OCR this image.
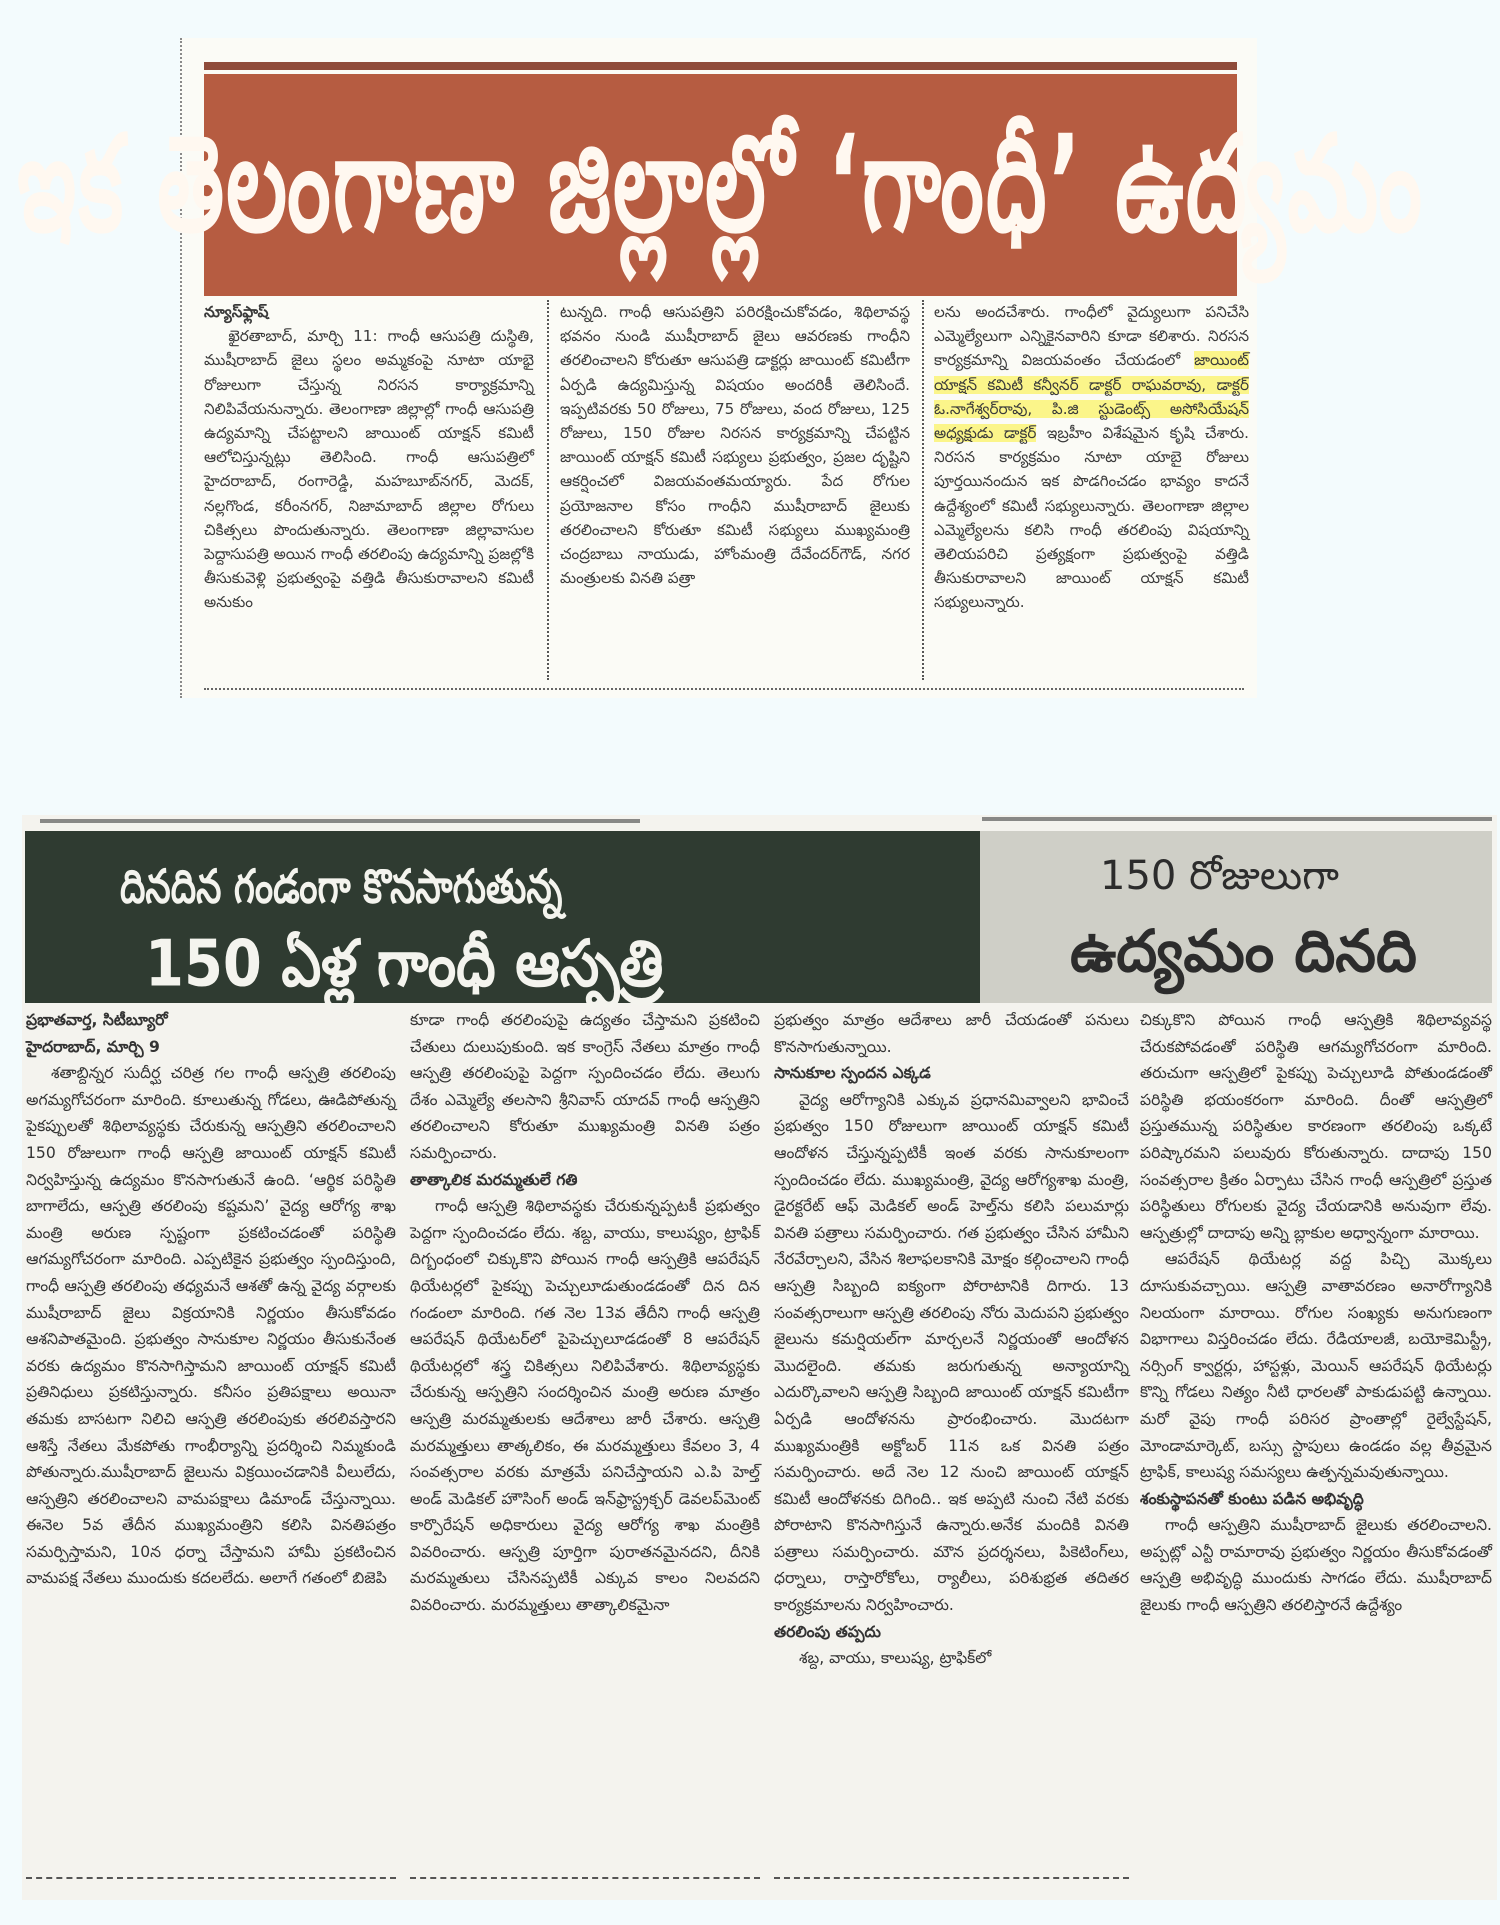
ఇక తెలంగాణా జిల్లాల్లో ‘గాంధీ’ ఉద్యమం

న్యూస్‌ఫ్లాష్

ఖైరతాబాద్, మార్చి 11: గాంధీ ఆసుపత్రి దుస్థితి, ముషీరాబాద్ జైలు స్థలం అమ్మకంపై నూటా యాభై రోజులుగా చేస్తున్న నిరసన కార్యాక్రమాన్ని నిలిపివేయనున్నారు. తెలంగాణా జిల్లాల్లో గాంధీ ఆసుపత్రి ఉద్యమాన్ని చేపట్టాలని జాయింట్ యాక్షన్ కమిటీ ఆలోచిస్తున్నట్లు తెలిసింది. గాంధీ ఆసుపత్రిలో హైదరాబాద్, రంగారెడ్డి, మహబూబ్‌నగర్, మెదక్, నల్లగొండ, కరీంనగర్, నిజామాబాద్ జిల్లాల రోగులు చికిత్సలు పొందుతున్నారు. తెలంగాణా జిల్లావాసుల పెద్దాసుపత్రి అయిన గాంధీ తరలింపు ఉద్యమాన్ని ప్రజల్లోకి తీసుకువెళ్లి ప్రభుత్వంపై వత్తిడి తీసుకురావాలని కమిటీ అనుకుం

టున్నది. గాంధీ ఆసుపత్రిని పరిరక్షించుకోవడం, శిథిలావస్థ భవనం నుండి ముషీరాబాద్ జైలు ఆవరణకు గాంధీని తరలించాలని కోరుతూ ఆసుపత్రి డాక్టర్లు జాయింట్ కమిటీగా ఏర్పడి ఉద్యమిస్తున్న విషయం అందరికీ తెలిసిందే. ఇప్పటివరకు 50 రోజులు, 75 రోజులు, వంద రోజులు, 125 రోజులు, 150 రోజుల నిరసన కార్యక్రమాన్ని చేపట్టిన జాయింట్ యాక్షన్ కమిటీ సభ్యులు ప్రభుత్వం, ప్రజల దృష్టిని ఆకర్షించలో విజయవంతమయ్యారు. పేద రోగుల ప్రయోజనాల కోసం గాంధీని ముషీరాబాద్ జైలుకు తరలించాలని కోరుతూ కమిటీ సభ్యులు ముఖ్యమంత్రి చంద్రబాబు నాయుడు, హోంమంత్రి దేవేందర్‌గౌడ్, నగర మంత్రులకు వినతి పత్రా

లను అందచేశారు. గాంధీలో వైద్యులుగా పనిచేసి ఎమ్మెల్యేలుగా ఎన్నికైనవారిని కూడా కలిశారు. నిరసన కార్యక్రమాన్ని విజయవంతం చేయడంలో జాయింట్ యాక్షన్ కమిటీ కన్వీనర్ డాక్టర్ రాఘవరావు, డాక్టర్ ఓ.నాగేశ్వర్‌రావు, పి.జి స్టుడెంట్స్ అసోసియేషన్ అధ్యక్షుడు డాక్టర్ ఇబ్రహీం విశేషమైన కృషి చేశారు. నిరసన కార్యక్రమం నూటా యాబై రోజులు పూర్తయినందున ఇక పొడగించడం భావ్యం కాదనే ఉద్దేశ్యంలో కమిటీ సభ్యులున్నారు. తెలంగాణా జిల్లాల ఎమ్మెల్యేలను కలిసి గాంధీ తరలింపు విషయాన్ని తెలియపరిచి ప్రత్యక్షంగా ప్రభుత్వంపై వత్తిడి తీసుకురావాలని జాయింట్ యాక్షన్ కమిటీ సభ్యులున్నారు.

దినదిన గండంగా కొనసాగుతున్న
150 ఏళ్ల గాంధీ ఆస్పత్రి
150 రోజులుగా
ఉద్యమం దినది

ప్రభాతవార్త, సిటీబ్యూరో

హైదరాబాద్, మార్చి 9

శతాబ్దిన్నర సుదీర్ఘ చరిత్ర గల గాంధీ ఆస్పత్రి తరలింపు అగమ్యగోచరంగా మారింది. కూలుతున్న గోడలు, ఊడిపోతున్న పైకప్పులతో శిథిలావ్యస్థకు చేరుకున్న ఆస్పత్రిని తరలించాలని 150 రోజులుగా గాంధీ ఆస్పత్రి జాయింట్ యాక్షన్ కమిటీ నిర్వహిస్తున్న ఉద్యమం కొనసాగుతునే ఉంది. ‘ఆర్థిక పరిస్థితి బాగాలేదు, ఆస్పత్రి తరలింపు కష్టమని’ వైద్య ఆరోగ్య శాఖ మంత్రి అరుణ స్పష్టంగా ప్రకటించడంతో పరిస్థితి ఆగమ్యగోచరంగా మారింది. ఎప్పటికైన ప్రభుత్వం స్పందిస్తుంది, గాంధీ ఆస్పత్రి తరలింపు తధ్యమనే ఆశతో ఉన్న వైద్య వర్గాలకు ముషీరాబాద్ జైలు విక్రయానికి నిర్ణయం తీసుకోవడం ఆశనిపాతమైంది. ప్రభుత్వం సానుకూల నిర్ణయం తీసుకునేంత వరకు ఉద్యమం కొనసాగిస్తామని జాయింట్ యాక్షన్ కమిటీ ప్రతినిధులు ప్రకటిస్తున్నారు. కనీసం ప్రతిపక్షాలు అయినా తమకు బాసటగా నిలిచి ఆస్పత్రి తరలింపుకు తరలివస్తారని ఆశిస్తే నేతలు మేకపోతు గాంభీర్యాన్ని ప్రదర్శించి నిమ్మకుండి పోతున్నారు.ముషీరాబాద్ జైలును విక్రయించడానికి వీలులేదు, ఆస్పత్రిని తరలించాలని వామపక్షాలు డిమాండ్ చేస్తున్నాయి. ఈనెల 5వ తేదీన ముఖ్యమంత్రిని కలిసి వినతిపత్రం సమర్పిస్తామని, 10న ధర్నా చేస్తామని హామీ ప్రకటించిన వామపక్ష నేతలు ముందుకు కదలలేదు. అలాగే గతంలో బిజెపి

కూడా గాంధీ తరలింపుపై ఉద్యతం చేస్తామని ప్రకటించి చేతులు దులుపుకుంది. ఇక కాంగ్రెస్ నేతలు మాత్రం గాంధీ ఆస్పత్రి తరలింపుపై పెద్దగా స్పందించడం లేదు. తెలుగు దేశం ఎమ్మెల్యే తలసాని శ్రీనివాస్ యాదవ్ గాంధీ ఆస్పత్రిని తరలించాలని కోరుతూ ముఖ్యమంత్రి వినతి పత్రం సమర్పించారు.

తాత్కాలిక మరమ్మతులే గతి

గాంధీ ఆస్పత్రి శిథిలావస్థకు చేరుకున్నప్పటకీ ప్రభుత్వం పెద్దగా స్పందించడం లేదు. శబ్ద, వాయు, కాలుష్యం, ట్రాఫిక్ దిగ్బంధంలో చిక్కుకొని పోయిన గాంధీ ఆస్పత్రికి ఆపరేషన్ థియేటర్లలో పైకప్పు పెచ్చులూడుతుండడంతో దిన దిన గండంలా మారింది. గత నెల 13వ తేదీని గాంధీ ఆస్పత్రి ఆపరేషన్ థియేటర్‌లో పైపెచ్చులూడడంతో 8 ఆపరేషన్ థియేటర్లలో శస్త్ర చికిత్సలు నిలిపివేశారు. శిథిలావ్యస్థకు చేరుకున్న ఆస్పత్రిని సందర్శించిన మంత్రి అరుణ మాత్రం ఆస్పత్రి మరమ్మతులకు ఆదేశాలు జారీ చేశారు. ఆస్పత్రి మరమ్మత్తులు తాత్కలికం, ఈ మరమ్మత్తులు కేవలం 3, 4 సంవత్సరాల వరకు మాత్రమే పనిచేస్తాయని ఎ.పి హెల్త్ అండ్ మెడికల్ హౌసింగ్ అండ్ ఇన్‌ఫ్రాస్ట్రక్చర్ డెవలప్‌మెంట్ కార్పొరేషన్ అధికారులు వైద్య ఆరోగ్య శాఖ మంత్రికి వివరించారు. ఆస్పత్రి పూర్తిగా పురాతనమైనదని, దీనికి మరమ్మతులు చేసినప్పటికీ ఎక్కువ కాలం నిలవదని వివరించారు. మరమ్మత్తులు తాత్కాలికమైనా

ప్రభుత్వం మాత్రం ఆదేశాలు జారీ చేయడంతో పనులు కొనసాగుతున్నాయి.

సానుకూల స్పందన ఎక్కడ

వైద్య ఆరోగ్యానికి ఎక్కువ ప్రధానమివ్వాలని భావించే ప్రభుత్వం 150 రోజులుగా జాయింట్ యాక్షన్ కమిటీ ఆందోళన చేస్తున్నప్పటికీ ఇంత వరకు సానుకూలంగా స్పందించడం లేదు. ముఖ్యమంత్రి, వైద్య ఆరోగ్యశాఖ మంత్రి, డైరక్టరేట్ ఆఫ్ మెడికల్ అండ్ హెల్త్‌ను కలిసి పలుమార్లు వినతి పత్రాలు సమర్పించారు. గత ప్రభుత్వం చేసిన హామీని నేరవేర్చాలని, వేసిన శిలాఫలకానికి మోక్షం కల్గించాలని గాంధీ ఆస్పత్రి సిబ్బంది ఐక్యంగా పోరాటానికి దిగారు. 13 సంవత్సరాలుగా ఆస్పత్రి తరలింపు నోరు మెదుపని ప్రభుత్వం జైలును కమర్షియల్‌గా మార్చలనే నిర్ణయంతో ఆందోళన మొదలైంది. తమకు జరుగుతున్న అన్యాయాన్ని ఎదుర్కొవాలని ఆస్పత్రి సిబ్బంది జాయింట్ యాక్షన్ కమిటీగా ఏర్పడి ఆందోళనను ప్రారంభించారు. మొదటగా ముఖ్యమంత్రికి అక్టోబర్ 11న ఒక వినతి పత్రం సమర్పించారు. అదే నెల 12 నుంచి జాయింట్ యాక్షన్ కమిటీ ఆందోళనకు దిగింది.. ఇక అప్పటి నుంచి నేటి వరకు పోరాటాని కొనసాగిస్తునే ఉన్నారు.అనేక మందికి వినతి పత్రాలు సమర్పించారు. మౌన ప్రదర్శనలు, పికెటింగ్‌లు, ధర్నాలు, రాస్తారోకోలు, ర్యాలీలు, పరిశుభ్రత తదితర కార్యక్రమాలను నిర్వహించారు.

తరలింపు తప్పదు

శబ్ద, వాయు, కాలుష్య, ట్రాఫిక్‌లో

చిక్కుకొని పోయిన గాంధీ ఆస్పత్రికి శిథిలావ్యవస్థ చేరుకపోవడంతో పరిస్థితి ఆగమ్యగోచరంగా మారింది. తరుచుగా ఆస్పత్రిలో పైకప్పు పెచ్చులూడి పోతుండడంతో పరిస్థితి భయంకరంగా మారింది. దీంతో ఆస్పత్రిలో ప్రస్తుతమున్న పరిస్థితుల కారణంగా తరలింపు ఒక్కటే పరిష్కారమని పలువురు కోరుతున్నారు. దాదాపు 150 సంవత్సరాల క్రితం ఏర్పాటు చేసిన గాంధీ ఆస్పత్రిలో ప్రస్తుత పరిస్థితులు రోగులకు వైద్య చేయడానికి అనువుగా లేవు. ఆస్పత్రుల్లో దాదాపు అన్ని బ్లాకుల అధ్వాన్నంగా మారాయి.

ఆపరేషన్ థియేటర్ల వద్ద పిచ్చి మొక్కలు దూసుకువచ్చాయి. ఆస్పత్రి వాతావరణం అనారోగ్యానికి నిలయంగా మారాయి. రోగుల సంఖ్యకు అనుగుణంగా విభాగాలు విస్తరించడం లేదు. రేడియాలజీ, బయోకెమిస్ట్రీ, నర్సింగ్ క్వార్టర్లు, హాస్టళ్లు, మెయిన్ ఆపరేషన్ థియేటర్లు కొన్ని గోడలు నిత్యం నీటి ధారలతో పాకుడుపట్టి ఉన్నాయి. మరో వైపు గాంధీ పరిసర ప్రాంతాల్లో రైల్వేస్టేషన్, మోండామార్కెట్, బస్సు స్టాపులు ఉండడం వల్ల తీవ్రమైన ట్రాఫిక్, కాలుష్య సమస్యలు ఉత్పన్నమవుతున్నాయి.

శంకుస్థాపనతో కుంటు పడిన అభివృద్ధి

గాంధీ ఆస్పత్రిని ముషీరాబాద్ జైలుకు తరలించాలని. అప్పట్లో ఎన్టీ రామారావు ప్రభుత్వం నిర్ణయం తీసుకోవడంతో ఆస్పత్రి అభివృద్ధి ముందుకు సాగడం లేదు. ముషీరాబాద్ జైలుకు గాంధీ ఆస్పత్రిని తరలిస్తారనే ఉద్దేశ్యం
